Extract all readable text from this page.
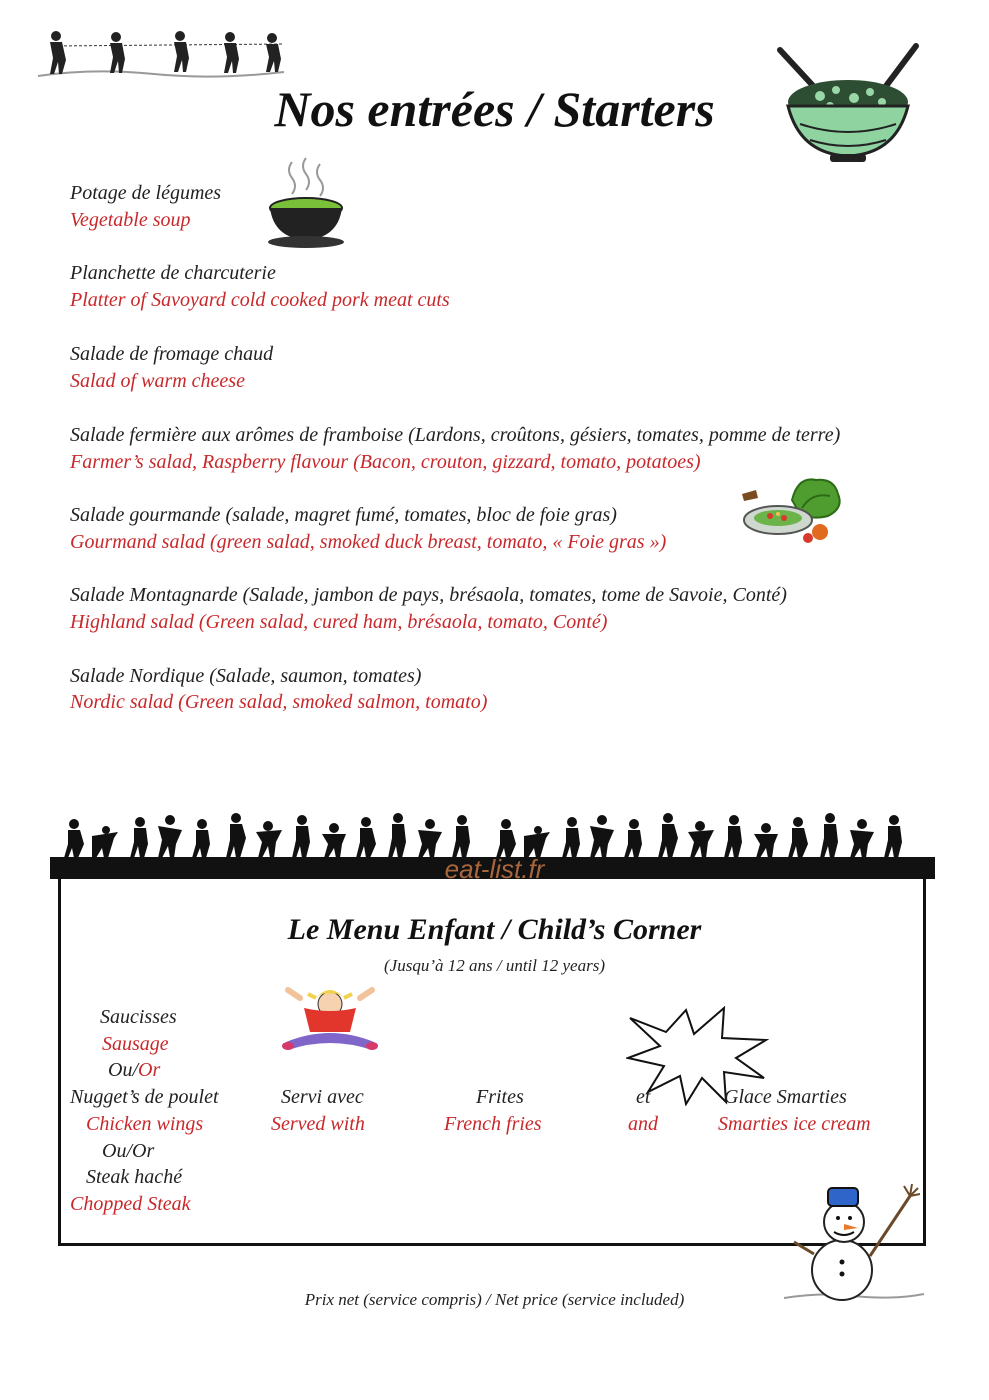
Nos entrées / Starters
Potage de légumes
Vegetable soup
Planchette de charcuterie
Platter of Savoyard cold cooked pork meat cuts
Salade de fromage chaud
Salad of warm cheese
Salade fermière aux arômes de framboise (Lardons, croûtons, gésiers, tomates, pomme de terre)
Farmer’s salad, Raspberry flavour (Bacon, crouton, gizzard, tomato, potatoes)
Salade gourmande (salade, magret fumé, tomates, bloc de foie gras)
Gourmand salad (green salad, smoked duck breast, tomato, « Foie gras »)
Salade Montagnarde (Salade, jambon de pays, brésaola, tomates, tome de Savoie, Conté)
Highland salad (Green salad, cured ham, brésaola, tomato, Conté)
Salade Nordique (Salade, saumon, tomates)
Nordic salad (Green salad, smoked salmon, tomato)
eat-list.fr
Le Menu Enfant / Child’s Corner
(Jusqu’à 12 ans / until 12 years)
Saucisses
Sausage
Ou/Or
Nugget’s de poulet
Chicken wings
Ou/Or
Steak haché
Chopped Steak
Servi avec
Served with
Frites
French fries
et
and
Glace Smarties
Smarties ice cream
Prix net (service compris) / Net price (service included)
